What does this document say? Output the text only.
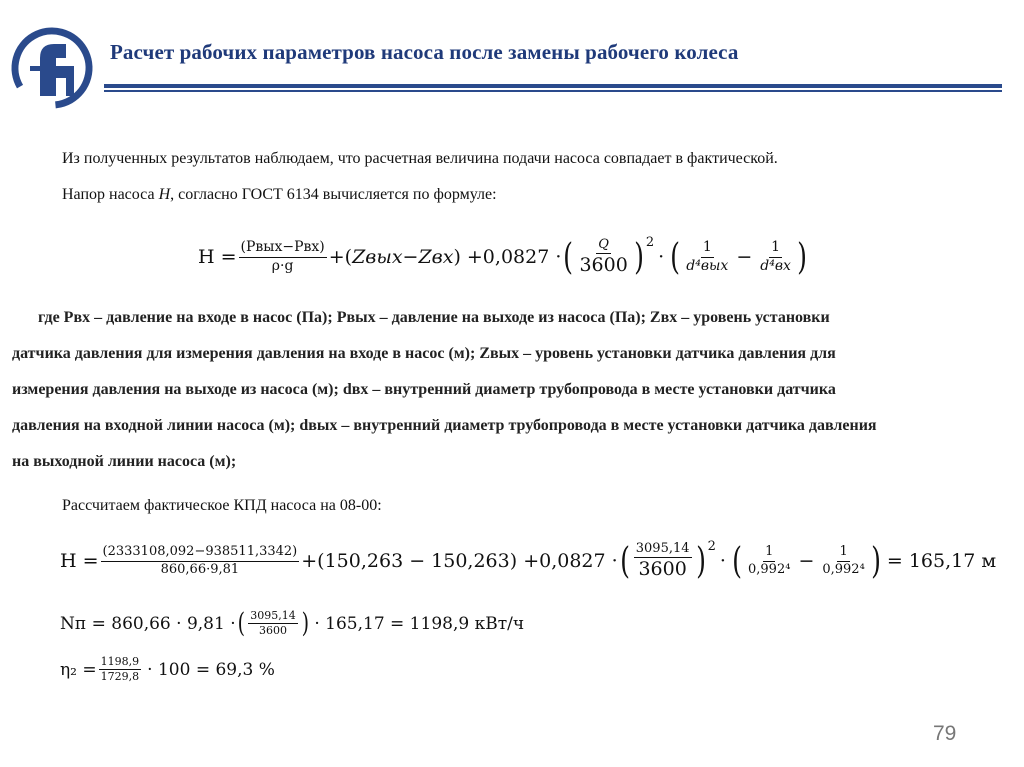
Расчет рабочих параметров насоса после замены рабочего колеса
Из полученных результатов наблюдаем, что расчетная величина подачи насоса совпадает в фактической.
Напор насоса H, согласно ГОСТ 6134 вычисляется по формуле:
$H = \frac{\text{(Pвых−Pвх)}}{\rho\cdot g}$ +( Zвых − Zвх ) +0,0827 · ( $\frac{Q}{3600} )^2$
· ( $\frac{1}{\text{d⁴вых}} - \frac{1}{\text{d⁴вх}}$ )
где Pвх – давление на входе в насос (Па); Pвых – давление на выходе из насоса (Па); Zвх – уровень установки
датчика давления для измерения давления на входе в насос (м); Zвых – уровень установки датчика давления для
измерения давления на выходе из насоса (м); dвх – внутренний диаметр трубопровода в месте установки датчика
давления на входной линии насоса (м); dвых – внутренний диаметр трубопровода в месте установки датчика давления
на выходной линии насоса (м);
Рассчитаем фактическое КПД насоса на 08-00:
$H = \frac{(2333108,092-938511,3342)}{860,66\cdot 9,81} +(150,263 - 150,263) +0,0827$ · ( $\frac{3095,14}{3600} )^2$
· ( $\frac{1}{\text{0,992⁴}} - \frac{1}{\text{0,992⁴}}$ ) = 165,17 м
Nп = 860,66 · 9,81 · ( $\frac{3095,14}{3600}$ ) · 165,17 = 1198,9 кВт/ч
$\eta_2 = \frac{1198,9}{1729,8} \cdot 100 = 69,3$ %
79
